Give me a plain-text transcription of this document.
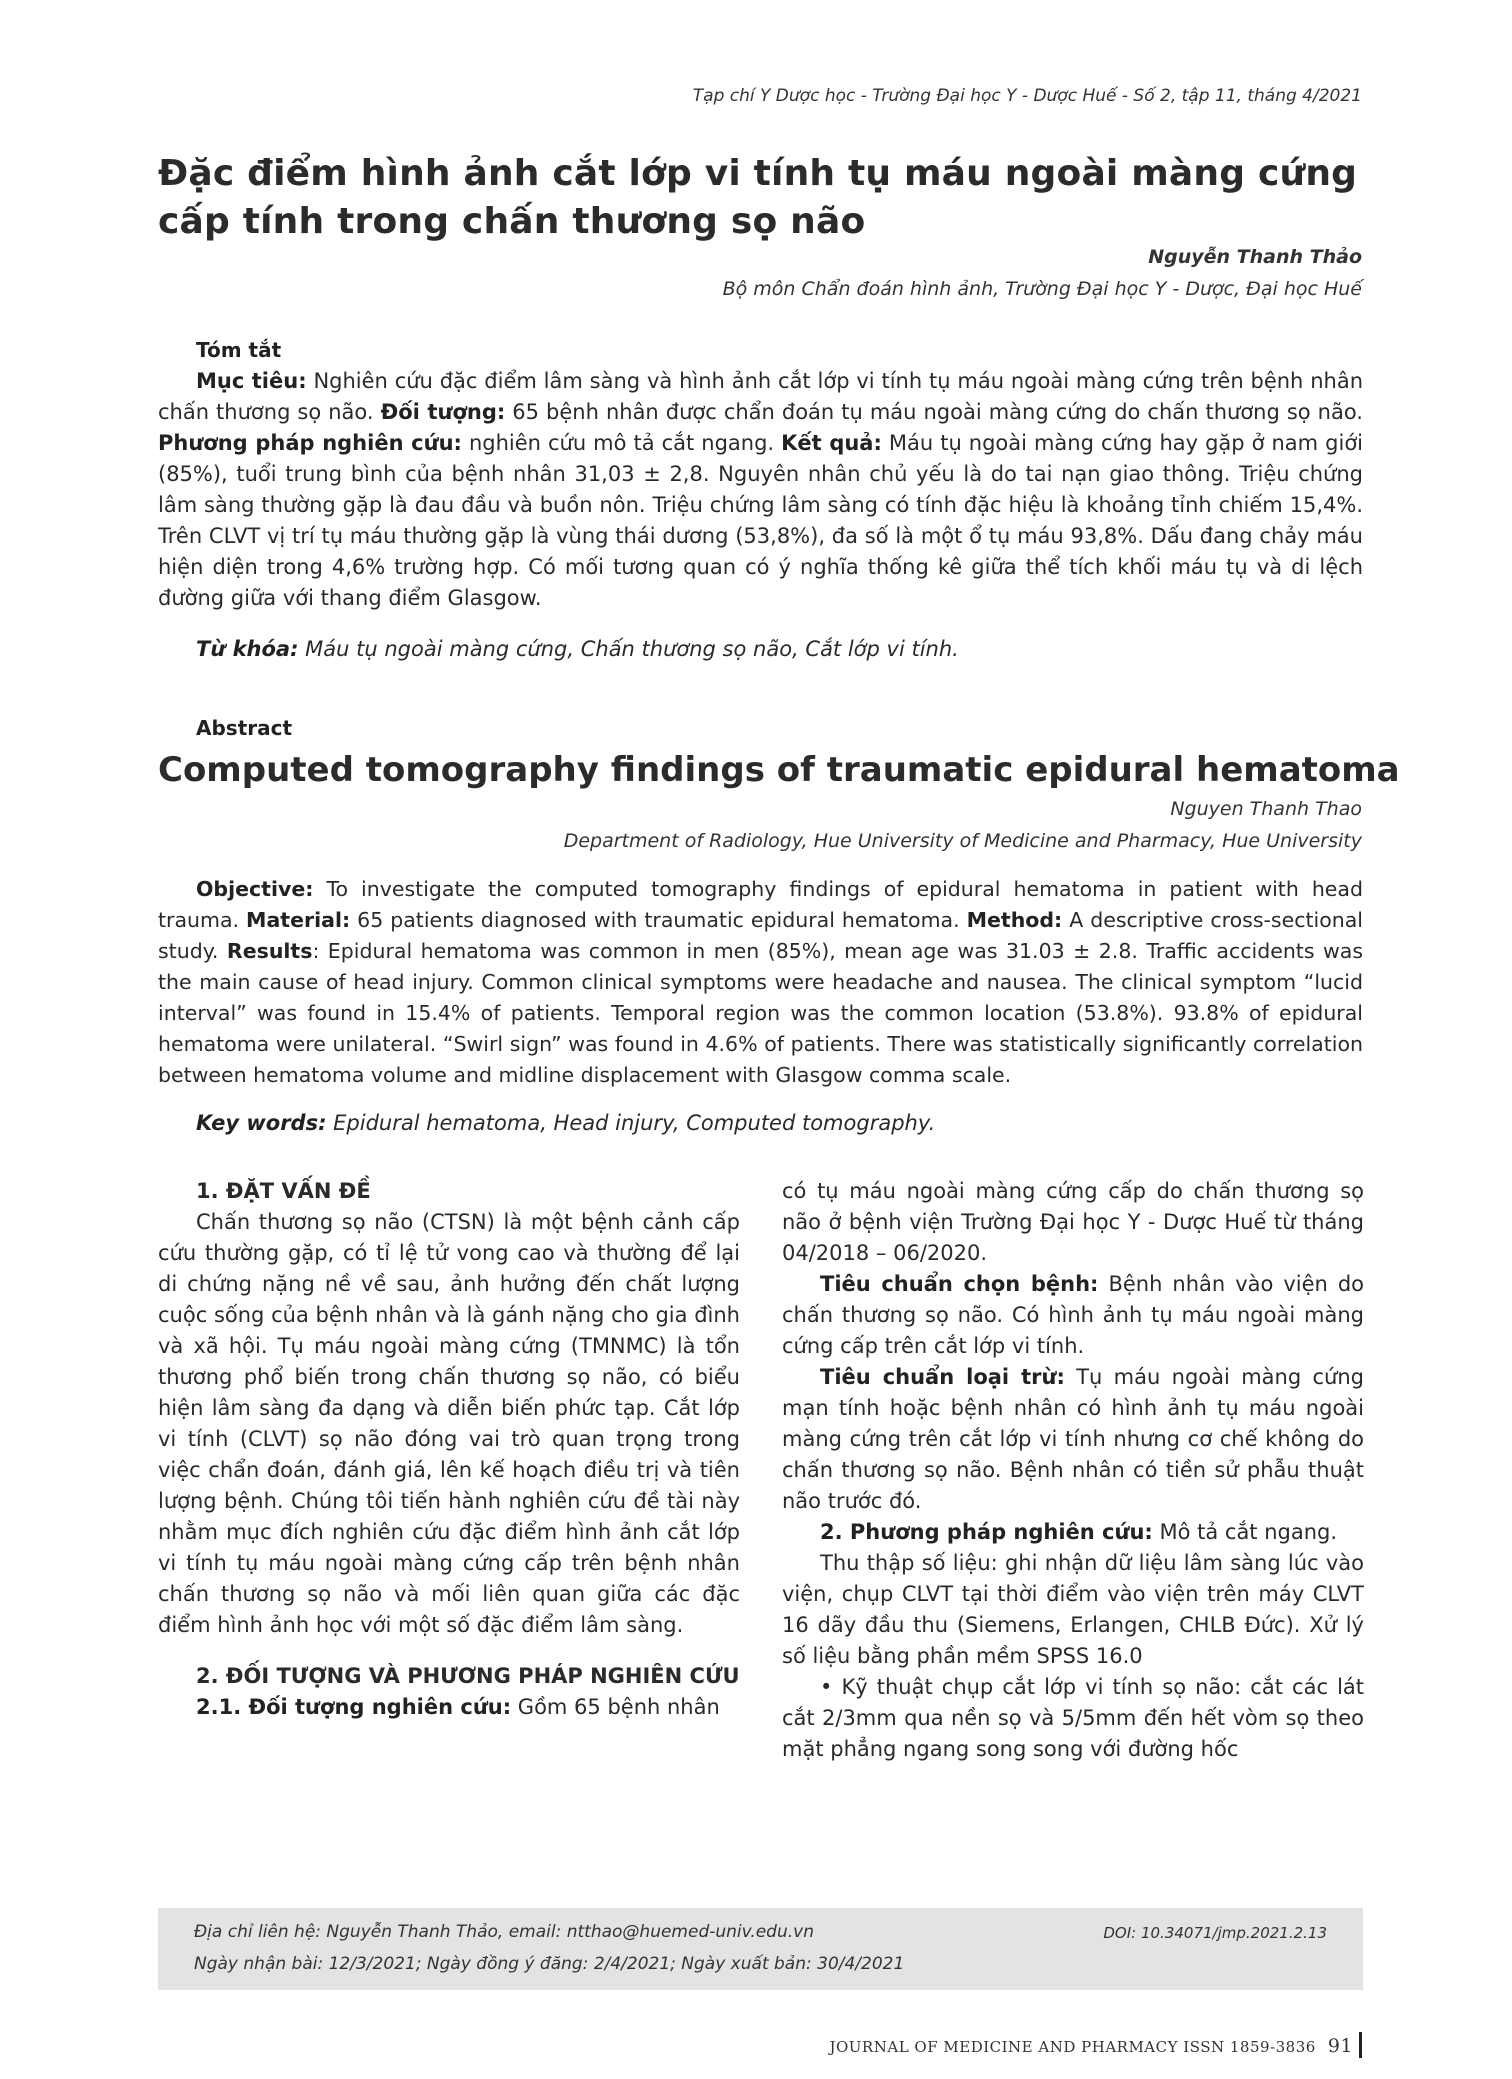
Tạp chí Y Dược học - Trường Đại học Y - Dược Huế - Số 2, tập 11, tháng 4/2021
Đặc điểm hình ảnh cắt lớp vi tính tụ máu ngoài màng cứng cấp tính trong chấn thương sọ não
Nguyễn Thanh Thảo
Bộ môn Chẩn đoán hình ảnh, Trường Đại học Y - Dược, Đại học Huế
Tóm tắt
Mục tiêu: Nghiên cứu đặc điểm lâm sàng và hình ảnh cắt lớp vi tính tụ máu ngoài màng cứng trên bệnh nhân chấn thương sọ não. Đối tượng: 65 bệnh nhân được chẩn đoán tụ máu ngoài màng cứng do chấn thương sọ não. Phương pháp nghiên cứu: nghiên cứu mô tả cắt ngang. Kết quả: Máu tụ ngoài màng cứng hay gặp ở nam giới (85%), tuổi trung bình của bệnh nhân 31,03 ± 2,8. Nguyên nhân chủ yếu là do tai nạn giao thông. Triệu chứng lâm sàng thường gặp là đau đầu và buồn nôn. Triệu chứng lâm sàng có tính đặc hiệu là khoảng tỉnh chiếm 15,4%. Trên CLVT vị trí tụ máu thường gặp là vùng thái dương (53,8%), đa số là một ổ tụ máu 93,8%. Dấu đang chảy máu hiện diện trong 4,6% trường hợp. Có mối tương quan có ý nghĩa thống kê giữa thể tích khối máu tụ và di lệch đường giữa với thang điểm Glasgow.
Từ khóa: Máu tụ ngoài màng cứng, Chấn thương sọ não, Cắt lớp vi tính.
Abstract
Computed tomography findings of traumatic epidural hematoma
Nguyen Thanh Thao
Department of Radiology, Hue University of Medicine and Pharmacy, Hue University
Objective: To investigate the computed tomography findings of epidural hematoma in patient with head trauma. Material: 65 patients diagnosed with traumatic epidural hematoma. Method: A descriptive cross-sectional study. Results: Epidural hematoma was common in men (85%), mean age was 31.03 ± 2.8. Traffic accidents was the main cause of head injury. Common clinical symptoms were headache and nausea. The clinical symptom “lucid interval” was found in 15.4% of patients. Temporal region was the common location (53.8%). 93.8% of epidural hematoma were unilateral. “Swirl sign” was found in 4.6% of patients. There was statistically significantly correlation between hematoma volume and midline displacement with Glasgow comma scale.
Key words: Epidural hematoma, Head injury, Computed tomography.

1. ĐẶT VẤN ĐỀ

Chấn thương sọ não (CTSN) là một bệnh cảnh cấp cứu thường gặp, có tỉ lệ tử vong cao và thường để lại di chứng nặng nề về sau, ảnh hưởng đến chất lượng cuộc sống của bệnh nhân và là gánh nặng cho gia đình và xã hội. Tụ máu ngoài màng cứng (TMNMC) là tổn thương phổ biến trong chấn thương sọ não, có biểu hiện lâm sàng đa dạng và diễn biến phức tạp. Cắt lớp vi tính (CLVT) sọ não đóng vai trò quan trọng trong việc chẩn đoán, đánh giá, lên kế hoạch điều trị và tiên lượng bệnh. Chúng tôi tiến hành nghiên cứu đề tài này nhằm mục đích nghiên cứu đặc điểm hình ảnh cắt lớp vi tính tụ máu ngoài màng cứng cấp trên bệnh nhân chấn thương sọ não và mối liên quan giữa các đặc điểm hình ảnh học với một số đặc điểm lâm sàng.

2. ĐỐI TƯỢNG VÀ PHƯƠNG PHÁP NGHIÊN CỨU

2.1. Đối tượng nghiên cứu: Gồm 65 bệnh nhân

có tụ máu ngoài màng cứng cấp do chấn thương sọ não ở bệnh viện Trường Đại học Y - Dược Huế từ tháng 04/2018 – 06/2020.

Tiêu chuẩn chọn bệnh: Bệnh nhân vào viện do chấn thương sọ não. Có hình ảnh tụ máu ngoài màng cứng cấp trên cắt lớp vi tính.

Tiêu chuẩn loại trừ: Tụ máu ngoài màng cứng mạn tính hoặc bệnh nhân có hình ảnh tụ máu ngoài màng cứng trên cắt lớp vi tính nhưng cơ chế không do chấn thương sọ não. Bệnh nhân có tiền sử phẫu thuật não trước đó.

2. Phương pháp nghiên cứu: Mô tả cắt ngang.

Thu thập số liệu: ghi nhận dữ liệu lâm sàng lúc vào viện, chụp CLVT tại thời điểm vào viện trên máy CLVT 16 dãy đầu thu (Siemens, Erlangen, CHLB Đức). Xử lý số liệu bằng phần mềm SPSS 16.0

• Kỹ thuật chụp cắt lớp vi tính sọ não: cắt các lát cắt 2/3mm qua nền sọ và 5/5mm đến hết vòm sọ theo mặt phẳng ngang song song với đường hốc

Địa chỉ liên hệ: Nguyễn Thanh Thảo, email: ntthao@huemed-univ.edu.vn	DOI: 10.34071/jmp.2021.2.13
Ngày nhận bài: 12/3/2021; Ngày đồng ý đăng: 2/4/2021; Ngày xuất bản: 30/4/2021
JOURNAL OF MEDICINE AND PHARMACY ISSN 1859-3836 91
